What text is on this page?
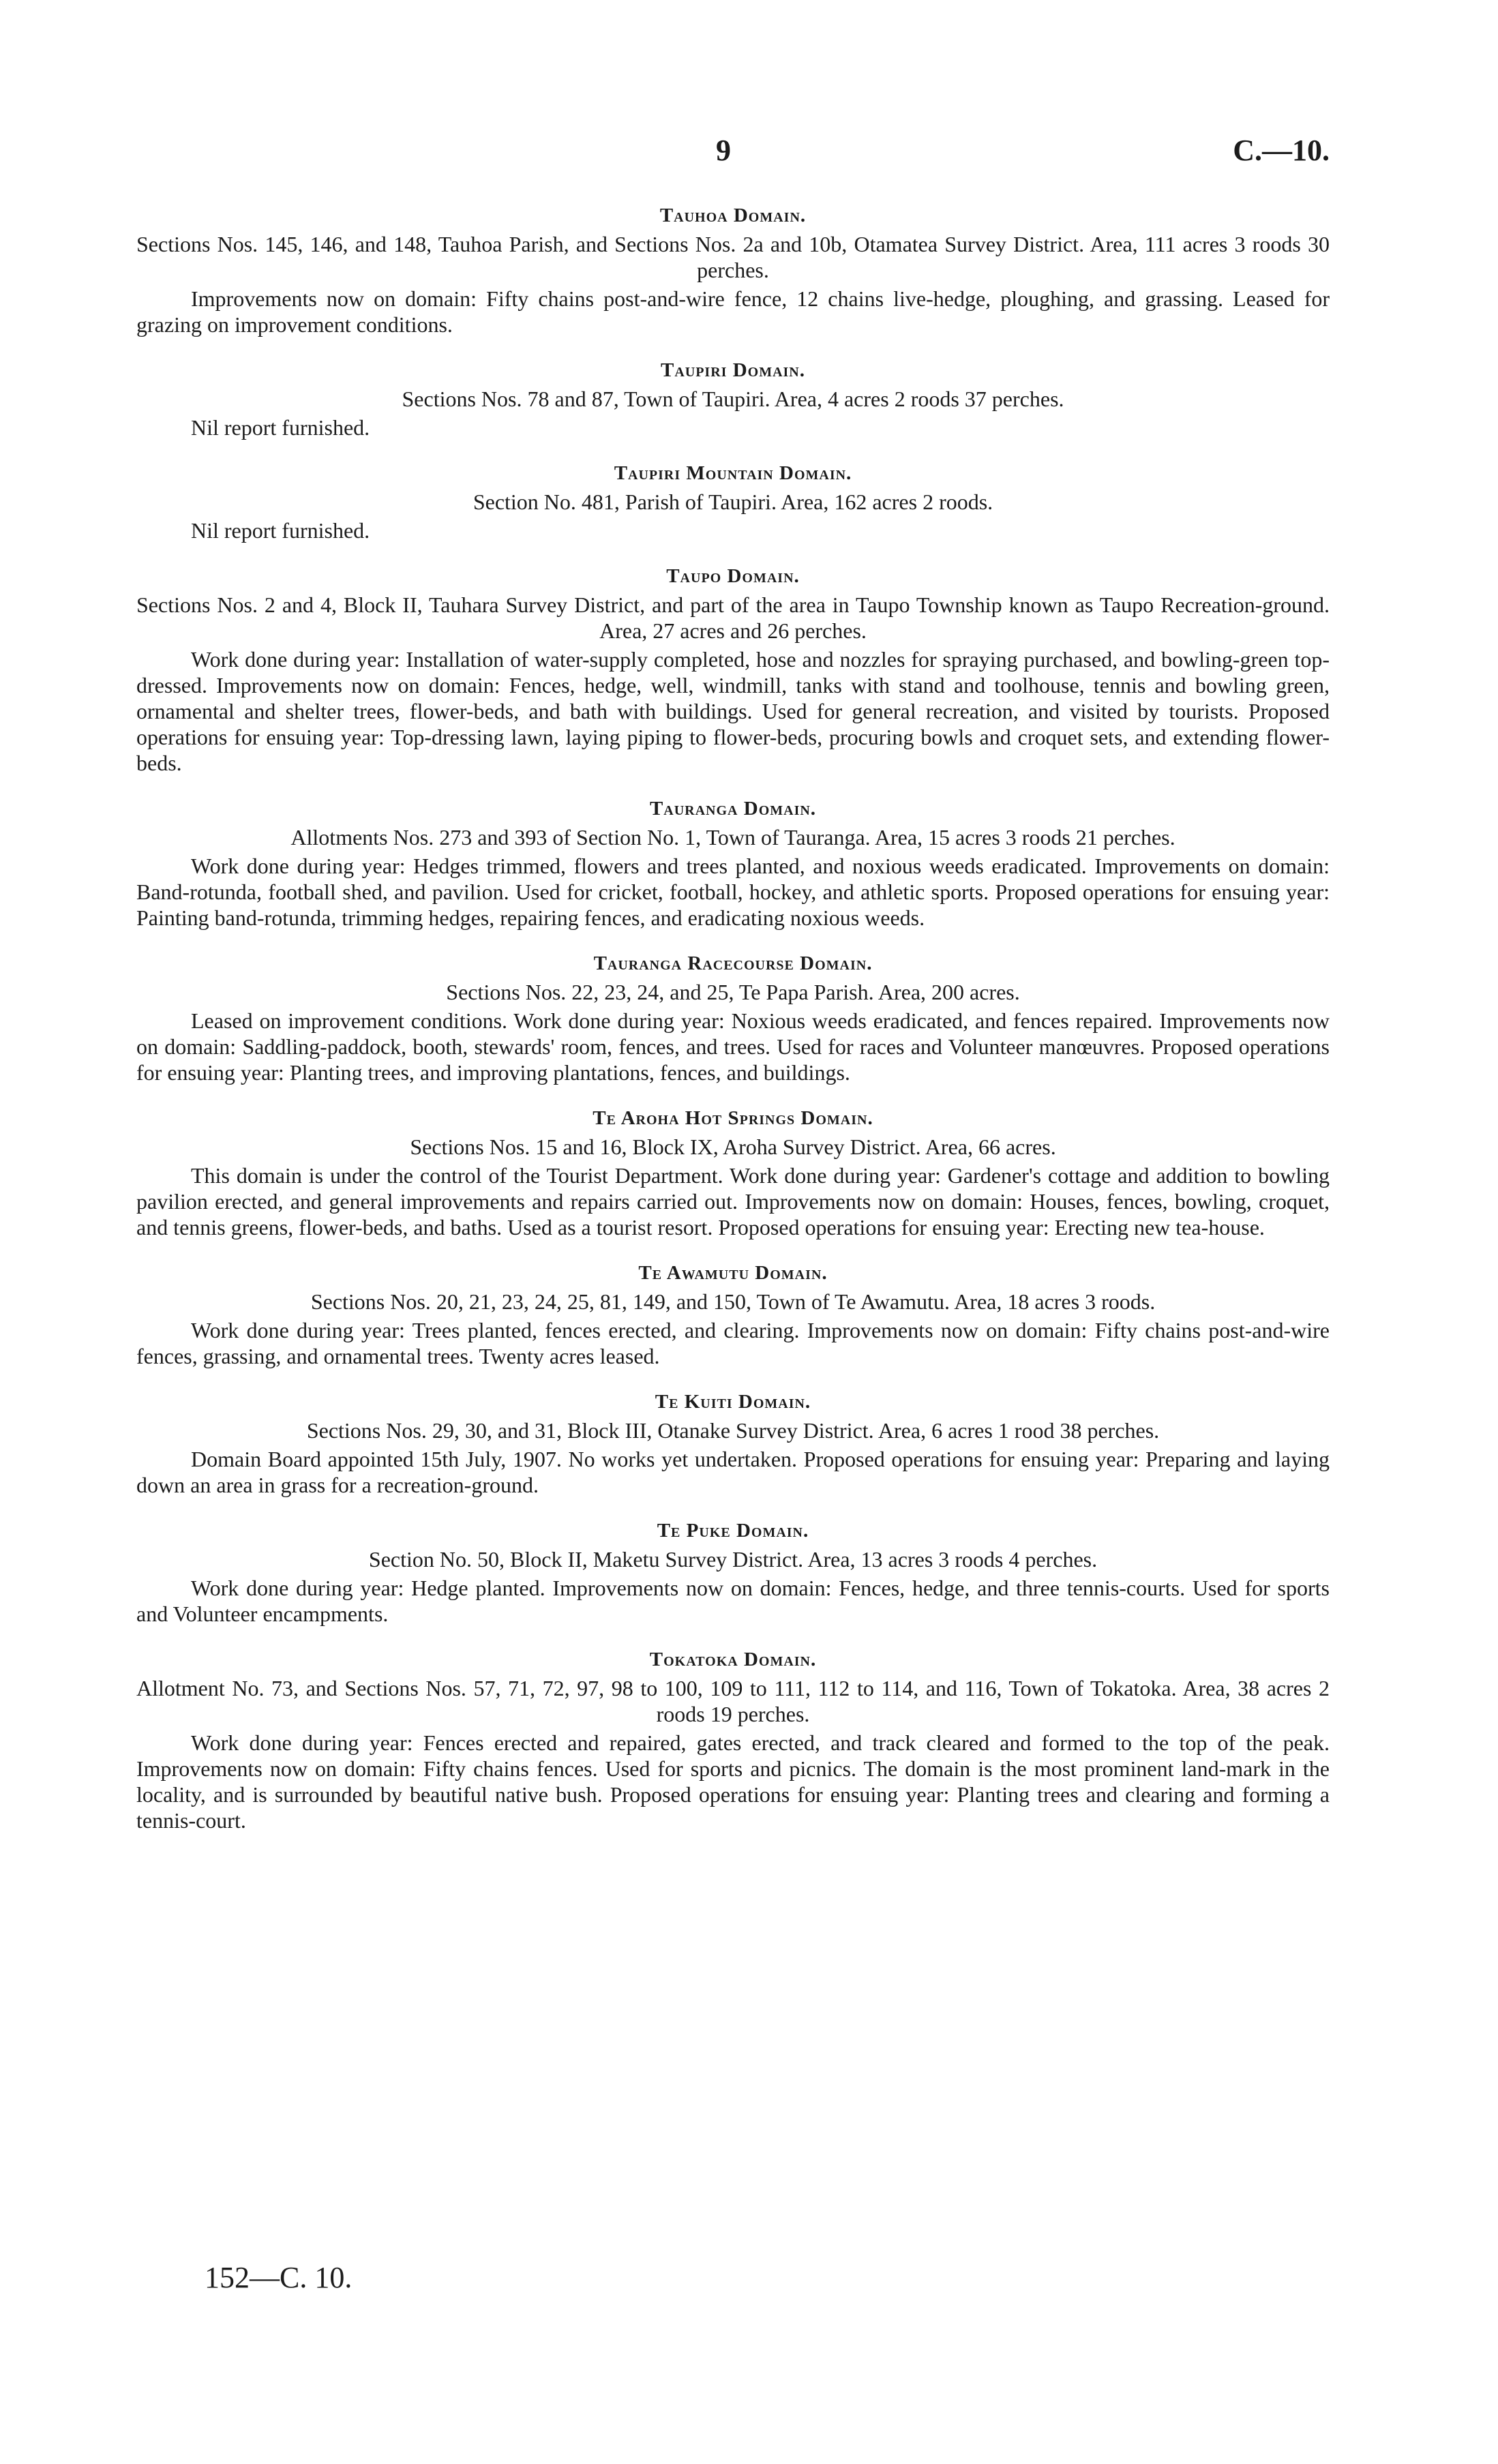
9	C.—10.
Tauhoa Domain.
Sections Nos. 145, 146, and 148, Tauhoa Parish, and Sections Nos. 2a and 10b, Otamatea Survey District. Area, 111 acres 3 roods 30 perches.

Improvements now on domain: Fifty chains post-and-wire fence, 12 chains live-hedge, ploughing, and grassing. Leased for grazing on improvement conditions.

Taupiri Domain.
Sections Nos. 78 and 87, Town of Taupiri. Area, 4 acres 2 roods 37 perches.

Nil report furnished.

Taupiri Mountain Domain.
Section No. 481, Parish of Taupiri. Area, 162 acres 2 roods.

Nil report furnished.

Taupo Domain.
Sections Nos. 2 and 4, Block II, Tauhara Survey District, and part of the area in Taupo Township known as Taupo Recreation-ground. Area, 27 acres and 26 perches.

Work done during year: Installation of water-supply completed, hose and nozzles for spraying purchased, and bowling-green top-dressed. Improvements now on domain: Fences, hedge, well, windmill, tanks with stand and toolhouse, tennis and bowling green, ornamental and shelter trees, flower-beds, and bath with buildings. Used for general recreation, and visited by tourists. Proposed operations for ensuing year: Top-dressing lawn, laying piping to flower-beds, procuring bowls and croquet sets, and extending flower-beds.

Tauranga Domain.
Allotments Nos. 273 and 393 of Section No. 1, Town of Tauranga. Area, 15 acres 3 roods 21 perches.

Work done during year: Hedges trimmed, flowers and trees planted, and noxious weeds eradicated. Improvements on domain: Band-rotunda, football shed, and pavilion. Used for cricket, football, hockey, and athletic sports. Proposed operations for ensuing year: Painting band-rotunda, trimming hedges, repairing fences, and eradicating noxious weeds.

Tauranga Racecourse Domain.
Sections Nos. 22, 23, 24, and 25, Te Papa Parish. Area, 200 acres.

Leased on improvement conditions. Work done during year: Noxious weeds eradicated, and fences repaired. Improvements now on domain: Saddling-paddock, booth, stewards' room, fences, and trees. Used for races and Volunteer manœuvres. Proposed operations for ensuing year: Planting trees, and improving plantations, fences, and buildings.

Te Aroha Hot Springs Domain.
Sections Nos. 15 and 16, Block IX, Aroha Survey District. Area, 66 acres.

This domain is under the control of the Tourist Department. Work done during year: Gardener's cottage and addition to bowling pavilion erected, and general improvements and repairs carried out. Improvements now on domain: Houses, fences, bowling, croquet, and tennis greens, flower-beds, and baths. Used as a tourist resort. Proposed operations for ensuing year: Erecting new tea-house.

Te Awamutu Domain.
Sections Nos. 20, 21, 23, 24, 25, 81, 149, and 150, Town of Te Awamutu. Area, 18 acres 3 roods.

Work done during year: Trees planted, fences erected, and clearing. Improvements now on domain: Fifty chains post-and-wire fences, grassing, and ornamental trees. Twenty acres leased.

Te Kuiti Domain.
Sections Nos. 29, 30, and 31, Block III, Otanake Survey District. Area, 6 acres 1 rood 38 perches.

Domain Board appointed 15th July, 1907. No works yet undertaken. Proposed operations for ensuing year: Preparing and laying down an area in grass for a recreation-ground.

Te Puke Domain.
Section No. 50, Block II, Maketu Survey District. Area, 13 acres 3 roods 4 perches.

Work done during year: Hedge planted. Improvements now on domain: Fences, hedge, and three tennis-courts. Used for sports and Volunteer encampments.

Tokatoka Domain.
Allotment No. 73, and Sections Nos. 57, 71, 72, 97, 98 to 100, 109 to 111, 112 to 114, and 116, Town of Tokatoka. Area, 38 acres 2 roods 19 perches.

Work done during year: Fences erected and repaired, gates erected, and track cleared and formed to the top of the peak. Improvements now on domain: Fifty chains fences. Used for sports and picnics. The domain is the most prominent land-mark in the locality, and is surrounded by beautiful native bush. Proposed operations for ensuing year: Planting trees and clearing and forming a tennis-court.

152—C. 10.
